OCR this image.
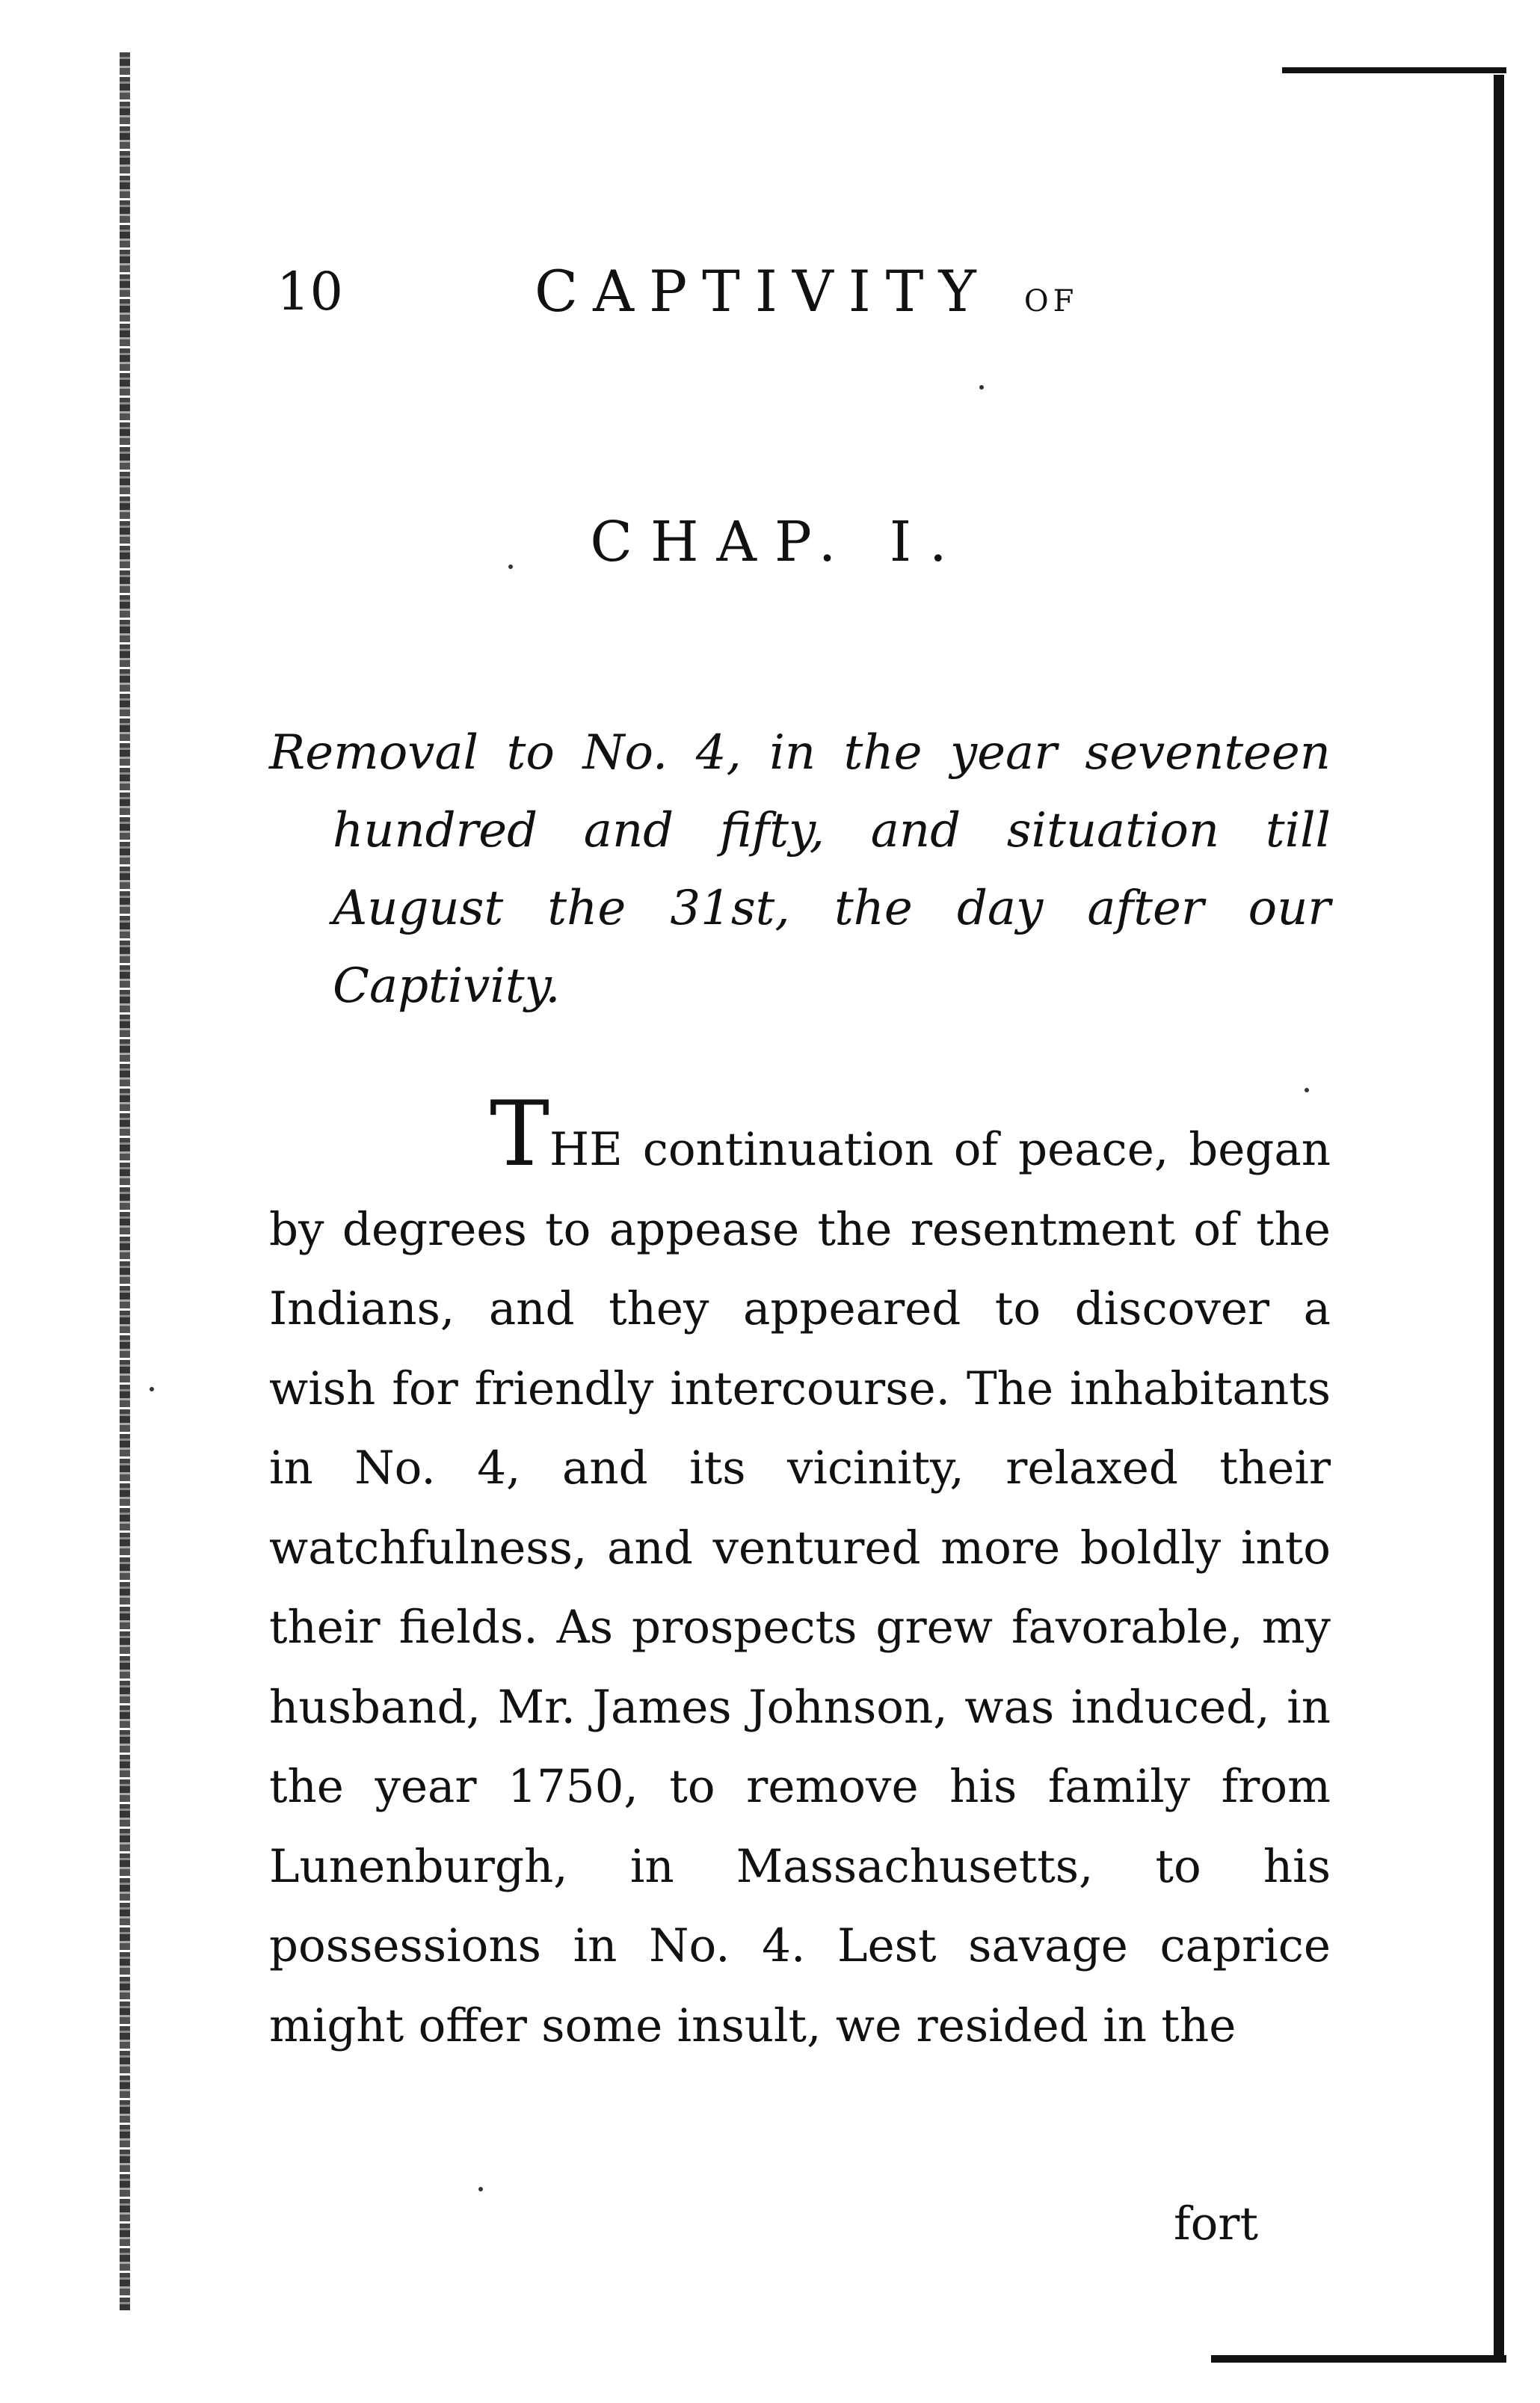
10	CAPTIVITY OF
CHAP. I.
Removal to No. 4, in the year seventeen hundred and fifty, and situation till August the 31st, the day after our Captivity.
THE continuation of peace, began by degrees to appease the resentment of the Indians, and they appeared to discover a wish for friendly intercourse. The inhabitants in No. 4, and its vicinity, relaxed their watchfulness, and ventured more boldly into their fields. As prospects grew favorable, my husband, Mr. James Johnson, was induced, in the year 1750, to remove his family from Lunenburgh, in Massachusetts, to his possessions in No. 4. Lest savage caprice might offer some insult, we resided in the
fort
